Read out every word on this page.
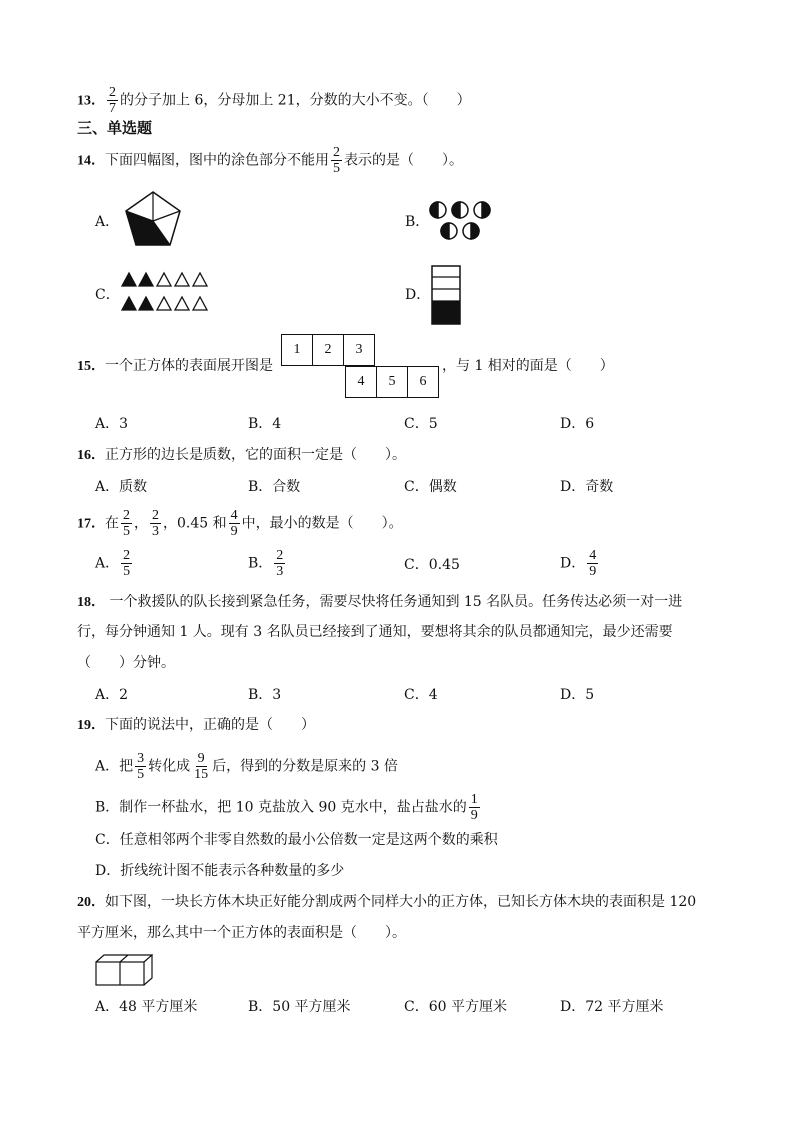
13． $\frac{2}{7}$ 的分子加上 6，分母加上 21，分数的大小不变。（　　）
三、单选题
14．下面四幅图，图中的涂色部分不能用 $\frac{2}{5}$ 表示的是（　　）。
A．	B．
C．	D．
15．一个正方体的表面展开图是
1	2	3
4	5	6
，与 1 相对的面是（　　）
A．3	B．4	C．5	D．6
16．正方形的边长是质数，它的面积一定是（　　）。
A．质数	B．合数	C．偶数	D．奇数
17．在 $\frac{2}{5}$ ， $\frac{2}{3}$ ，0.45 和 $\frac{4}{9}$ 中，最小的数是（　　）。
A． $\frac{2}{5}$	B． $\frac{2}{3}$	C．0.45	D． $\frac{4}{9}$
18． 一个救援队的队长接到紧急任务，需要尽快将任务通知到 15 名队员。任务传达必须一对一进
行，每分钟通知 1 人。现有 3 名队员已经接到了通知，要想将其余的队员都通知完，最少还需要
（　　）分钟。
A．2	B．3	C．4	D．5
19．下面的说法中，正确的是（　　）
A．把 $\frac{3}{5}$ 转化成 $\frac{9}{15}$ 后，得到的分数是原来的 3 倍
B．制作一杯盐水，把 10 克盐放入 90 克水中，盐占盐水的 $\frac{1}{9}$
C．任意相邻两个非零自然数的最小公倍数一定是这两个数的乘积
D．折线统计图不能表示各种数量的多少
20．如下图，一块长方体木块正好能分割成两个同样大小的正方体，已知长方体木块的表面积是 120
平方厘米，那么其中一个正方体的表面积是（　　）。
A．48 平方厘米	B．50 平方厘米	C．60 平方厘米	D．72 平方厘米
